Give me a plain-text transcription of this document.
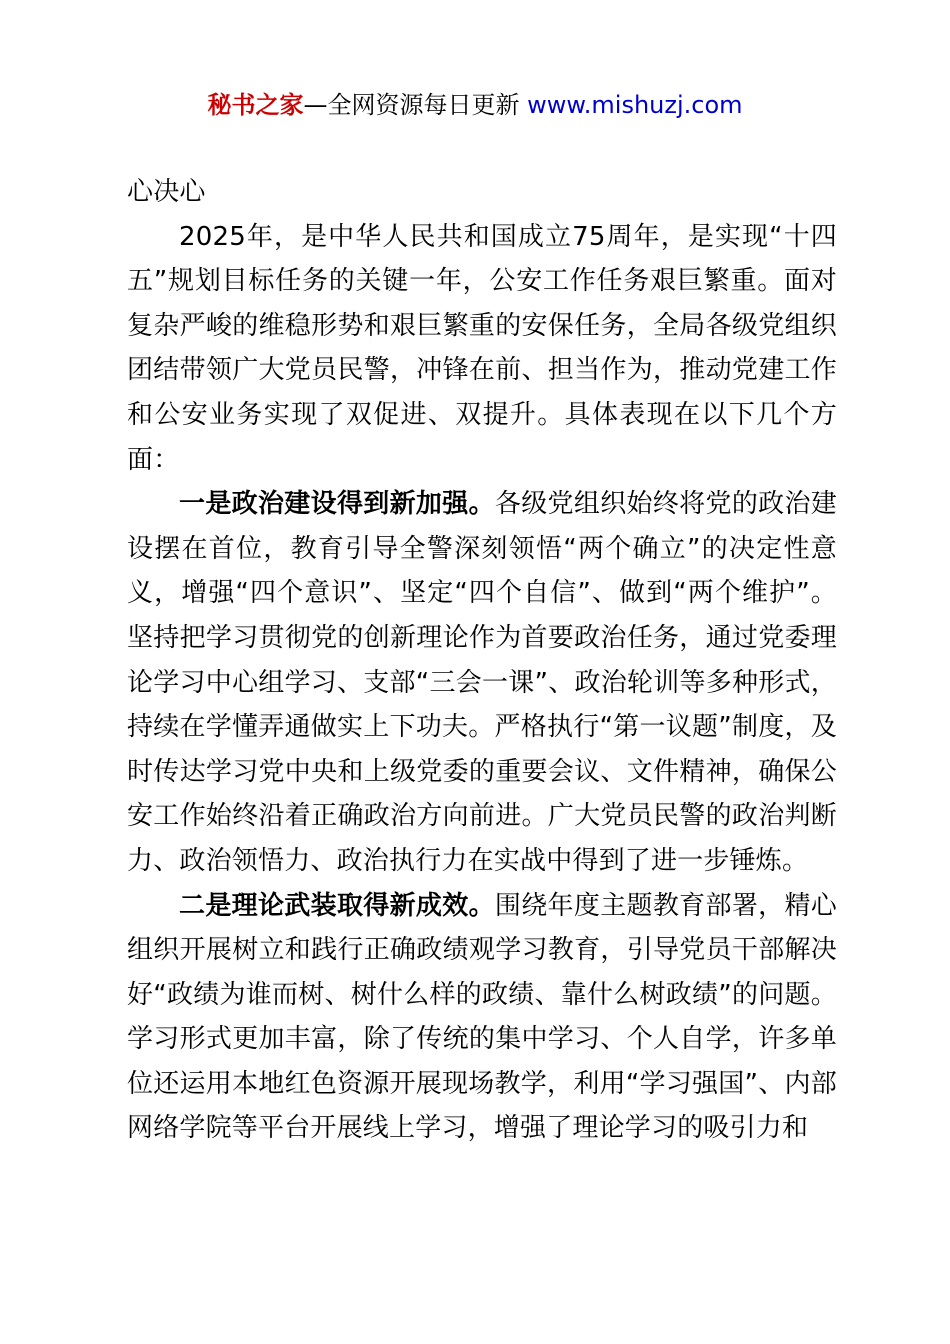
秘书之家—全网资源每日更新 www.mishuzj.com

心决心

2025年，是中华人民共和国成立75周年，是实现“十四五”规划目标任务的关键一年，公安工作任务艰巨繁重。面对复杂严峻的维稳形势和艰巨繁重的安保任务，全局各级党组织团结带领广大党员民警，冲锋在前、担当作为，推动党建工作和公安业务实现了双促进、双提升。具体表现在以下几个方面：

一是政治建设得到新加强。各级党组织始终将党的政治建设摆在首位，教育引导全警深刻领悟“两个确立”的决定性意义，增强“四个意识”、坚定“四个自信”、做到“两个维护”。坚持把学习贯彻党的创新理论作为首要政治任务，通过党委理论学习中心组学习、支部“三会一课”、政治轮训等多种形式，持续在学懂弄通做实上下功夫。严格执行“第一议题”制度，及时传达学习党中央和上级党委的重要会议、文件精神，确保公安工作始终沿着正确政治方向前进。广大党员民警的政治判断力、政治领悟力、政治执行力在实战中得到了进一步锤炼。

二是理论武装取得新成效。围绕年度主题教育部署，精心组织开展树立和践行正确政绩观学习教育，引导党员干部解决好“政绩为谁而树、树什么样的政绩、靠什么树政绩”的问题。学习形式更加丰富，除了传统的集中学习、个人自学，许多单位还运用本地红色资源开展现场教学，利用“学习强国”、内部网络学院等平台开展线上学习，增强了理论学习的吸引力和
